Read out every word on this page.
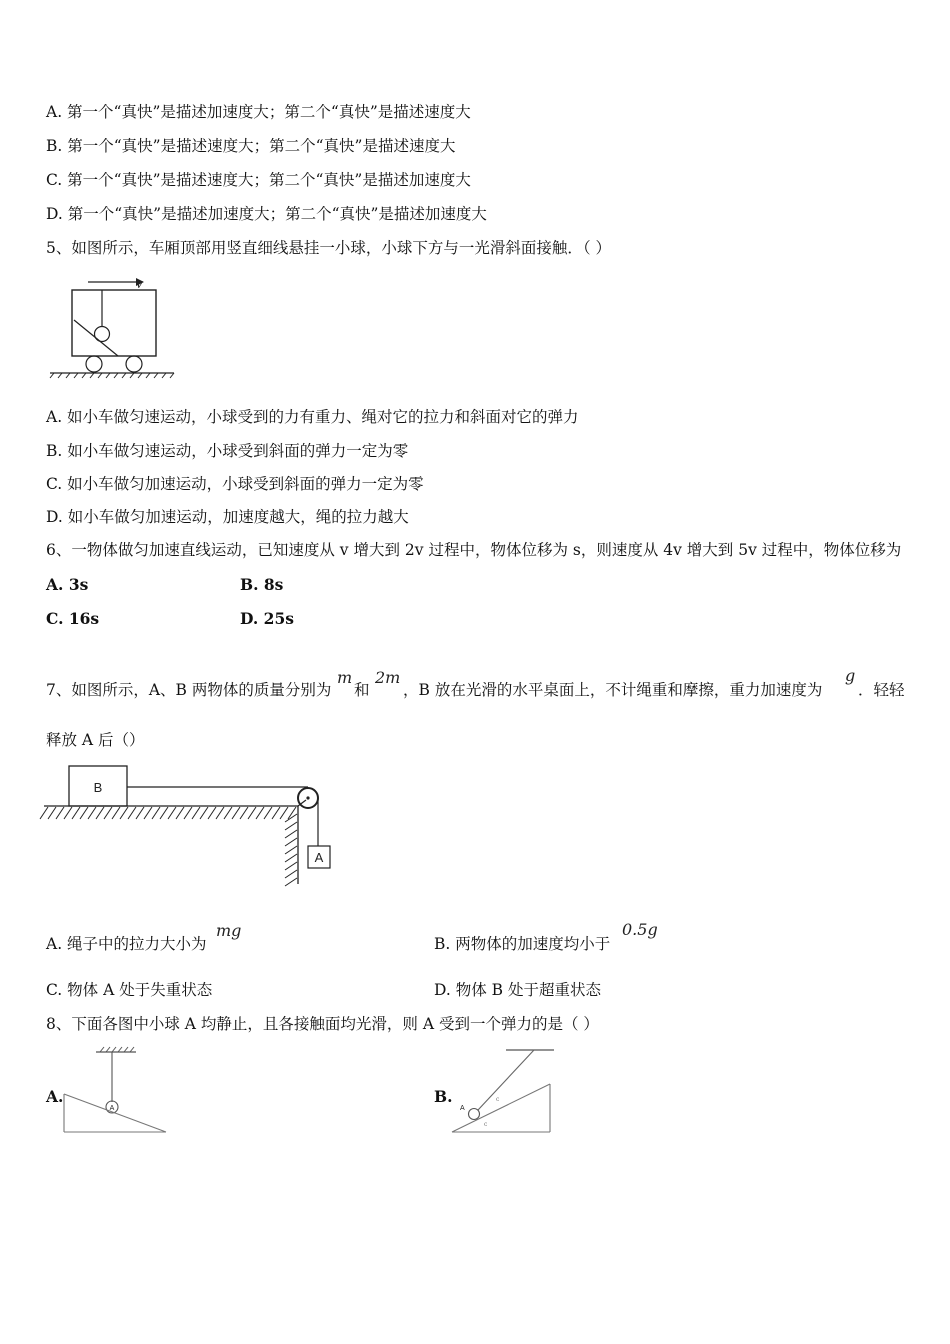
A. 第一个“真快”是描述加速度大；第二个“真快”是描述速度大
B. 第一个“真快”是描述速度大；第二个“真快”是描述速度大
C. 第一个“真快”是描述速度大；第二个“真快”是描述加速度大
D. 第一个“真快”是描述加速度大；第二个“真快”是描述加速度大
5、如图所示，车厢顶部用竖直细线悬挂一小球，小球下方与一光滑斜面接触．（ ）
v
A. 如小车做匀速运动，小球受到的力有重力、绳对它的拉力和斜面对它的弹力
B. 如小车做匀速运动，小球受到斜面的弹力一定为零
C. 如小车做匀加速运动，小球受到斜面的弹力一定为零
D. 如小车做匀加速运动，加速度越大，绳的拉力越大
6、一物体做匀加速直线运动，已知速度从 v 增大到 2v 过程中，物体位移为 s，则速度从 4v 增大到 5v 过程中，物体位移为
A. 3s	B. 8s
C. 16s	D. 25s
7、如图所示，A、B 两物体的质量分别为
m
和
2m
，B 放在光滑的水平桌面上，不计绳重和摩擦，重力加速度为
g
．轻轻
释放 A 后（）
B
A
A. 绳子中的拉力大小为
mg
B. 两物体的加速度均小于
0.5g
C. 物体 A 处于失重状态	D. 物体 B 处于超重状态
8、下面各图中小球 A 均静止，且各接触面均光滑，则 A 受到一个弹力的是（ ）
A.
A
B.
A
c
c
